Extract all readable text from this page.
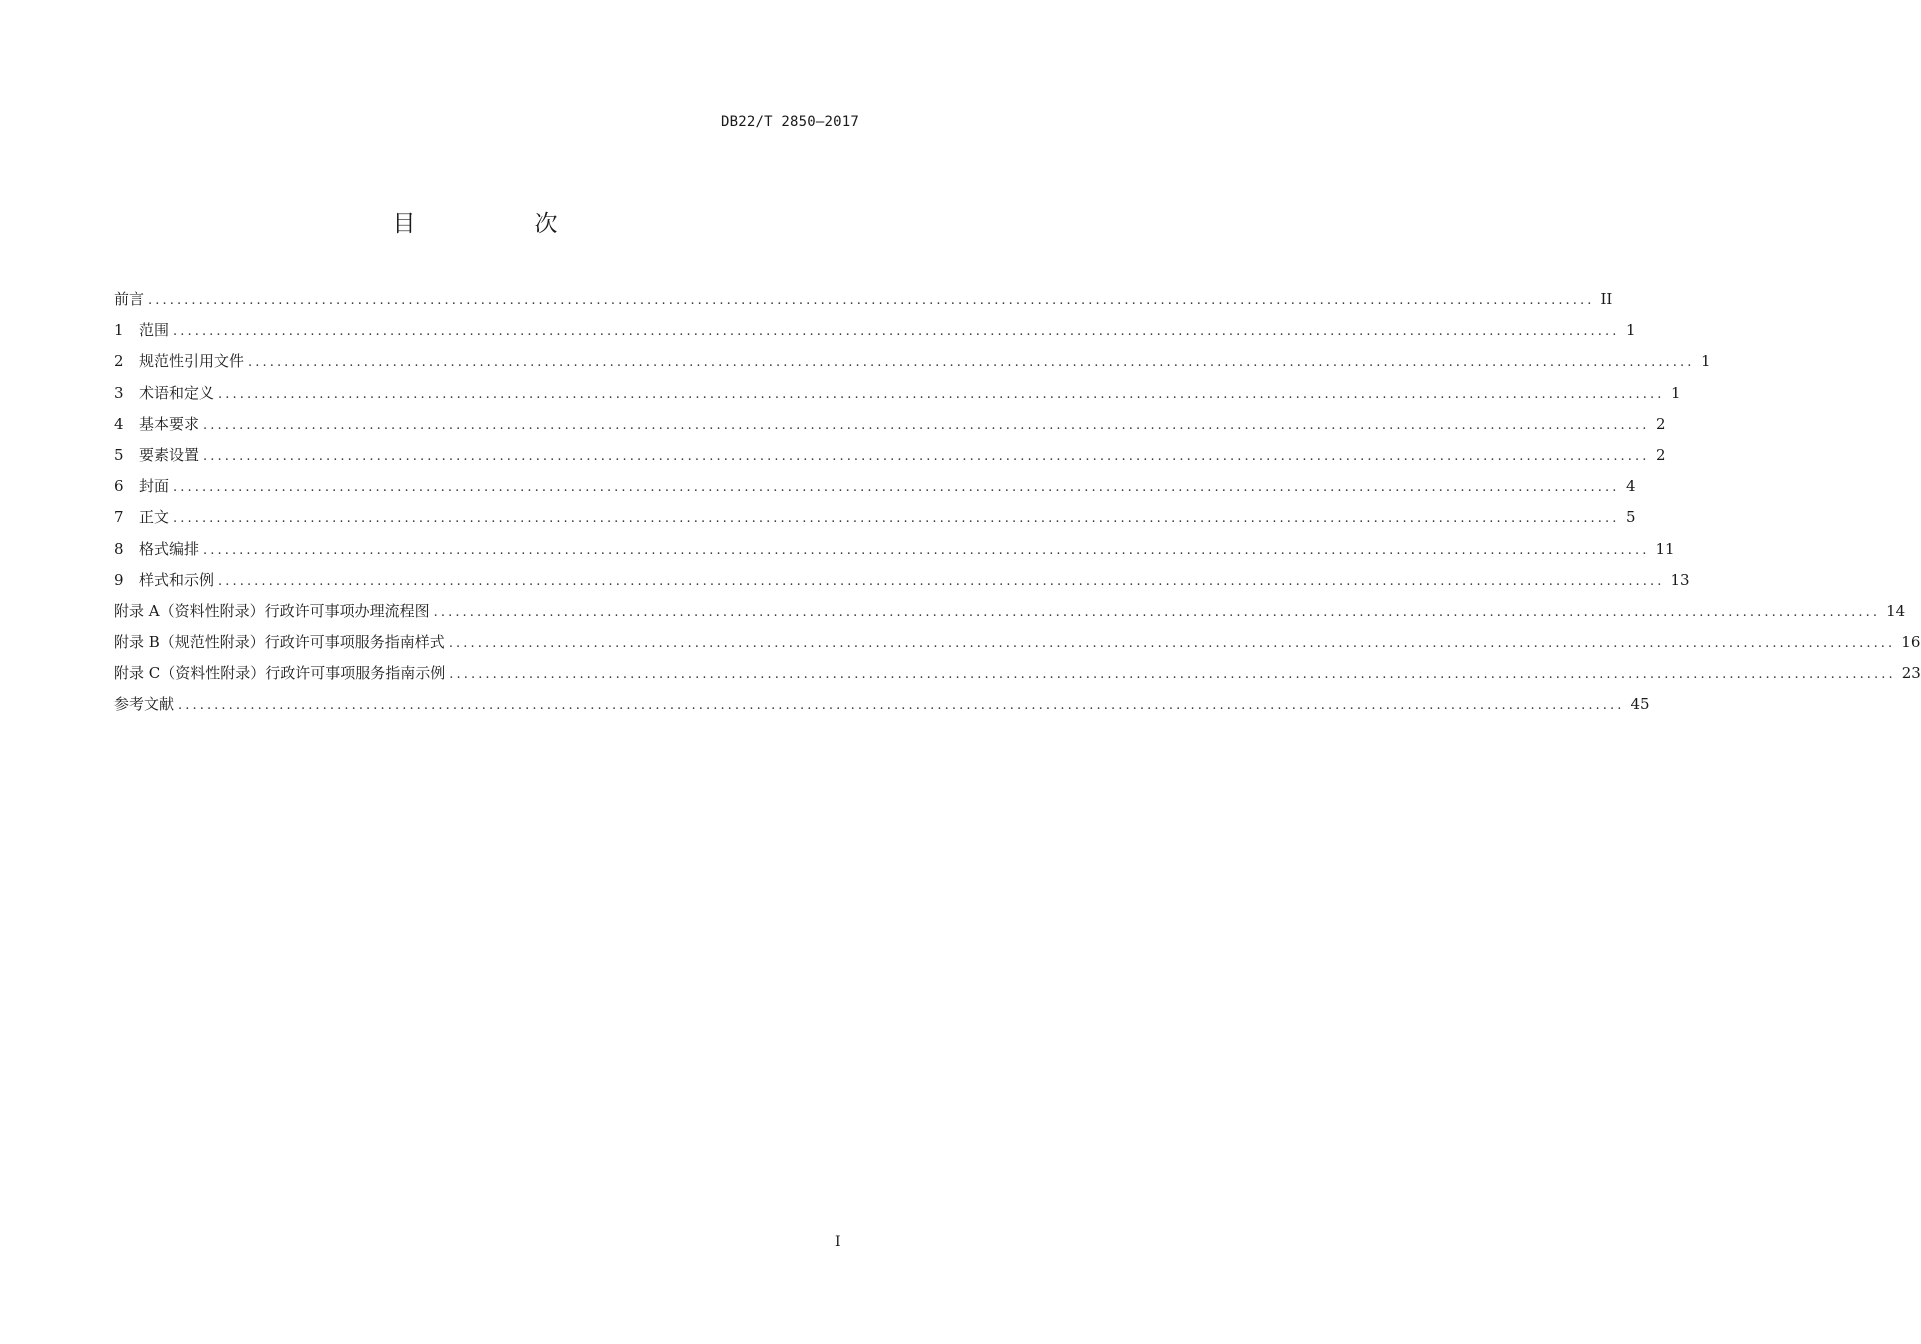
DB22/T 2850—2017
目　次
前言 ........................................................................................................................................................................................................ II
1	范围 ........................................................................................................................................................................................................ 1
2	规范性引用文件 ........................................................................................................................................................................................................ 1
3	术语和定义 ........................................................................................................................................................................................................ 1
4	基本要求 ........................................................................................................................................................................................................ 2
5	要素设置 ........................................................................................................................................................................................................ 2
6	封面 ........................................................................................................................................................................................................ 4
7	正文 ........................................................................................................................................................................................................ 5
8	格式编排 ........................................................................................................................................................................................................ 11
9	样式和示例 ........................................................................................................................................................................................................ 13
附录 A（资料性附录） 行政许可事项办理流程图 ........................................................................................................................................................................................................ 14
附录 B（规范性附录） 行政许可事项服务指南样式 ........................................................................................................................................................................................................ 16
附录 C（资料性附录） 行政许可事项服务指南示例 ........................................................................................................................................................................................................ 23
参考文献 ........................................................................................................................................................................................................ 45
I
